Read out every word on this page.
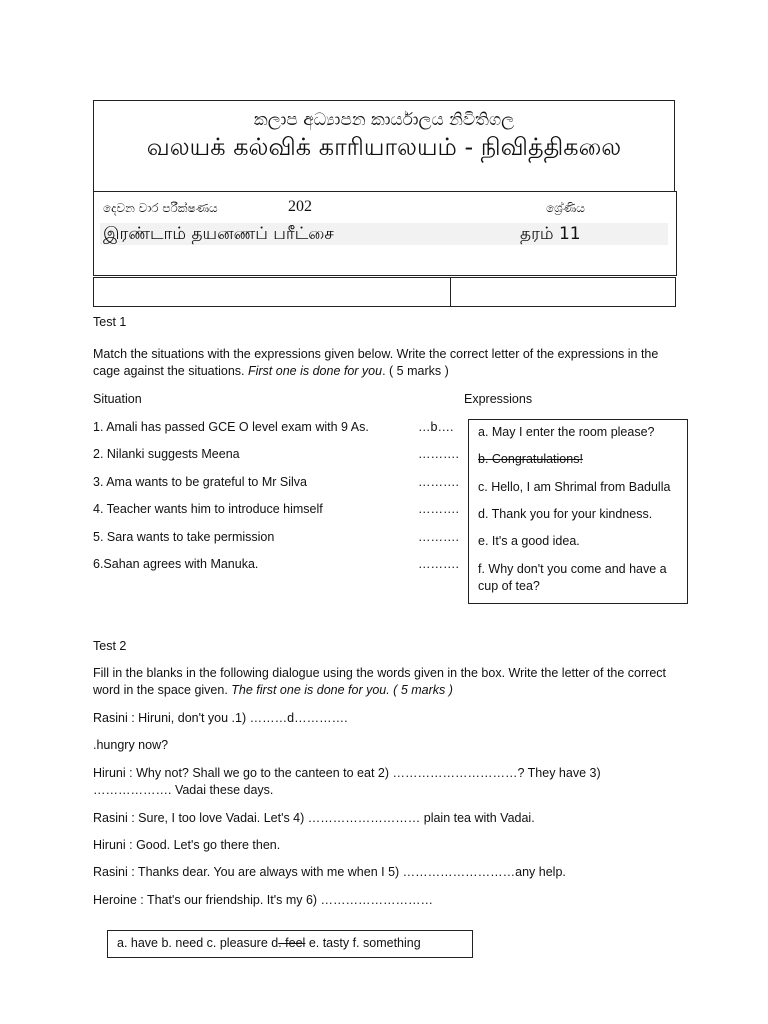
කලාප අධ්‍යාපන කාර්යාලය නිවිතිගල
வலயக் கல்விக் காரியாலயம் - நிவித்திகலை
දෙවන වාර පරීක්ෂණය	202	ශ්‍රේණිය
இரண்டாம் தயனணப் பரீட்சை	தரம் 11
Test 1
Match the situations with the expressions given below. Write the correct letter of the expressions in the cage against the situations. First one is done for you. ( 5 marks )
Situation	Expressions
1. Amali has passed GCE O level exam with 9 As.	…b….
2. Nilanki suggests Meena	……….
3. Ama wants to be grateful to Mr Silva	……….
4. Teacher wants him to introduce himself	……….
5. Sara wants to take permission	……….
6.Sahan agrees with Manuka.	……….
a. May I enter the room please?
b. Congratulations!
c. Hello, I am Shrimal from Badulla
d. Thank you for your kindness.
e. It's a good idea.
f. Why don't you come and have a cup of tea?
Test 2
Fill in the blanks in the following dialogue using the words given in the box. Write the letter of the correct word in the space given. The first one is done for you. ( 5 marks )
Rasini : Hiruni, don't you .1) ………d………….
.hungry now?
Hiruni : Why not? Shall we go to the canteen to eat 2) …………………………? They have 3) ………………. Vadai these days.
Rasini : Sure, I too love Vadai. Let's 4) ……………………… plain tea with Vadai.
Hiruni : Good. Let's go there then.
Rasini : Thanks dear. You are always with me when I 5) ………………………any help.
Heroine : That's our friendship. It's my 6) ………………………
a. have b. need c. pleasure d. feel e. tasty f. something
